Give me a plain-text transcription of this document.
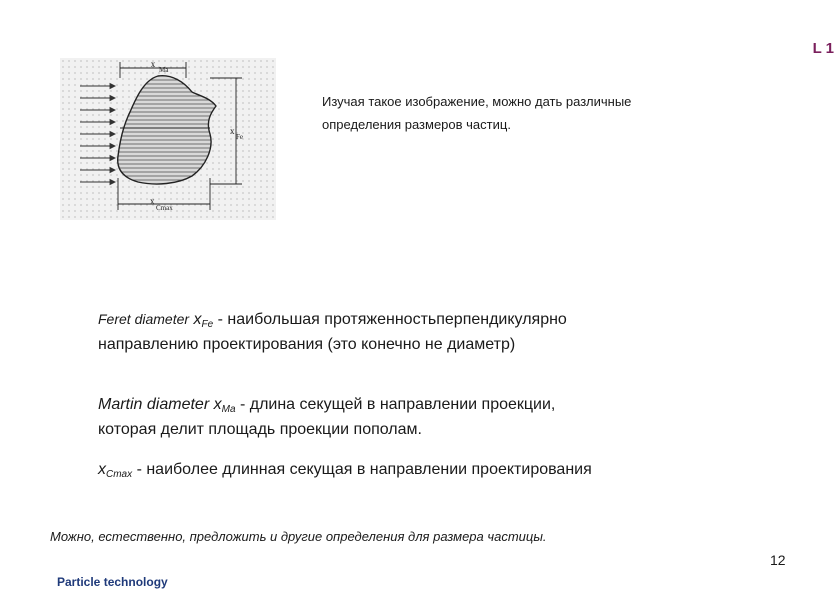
L 1
x
Ma
x
Fe
x
Cmax
Изучая такое изображение, можно дать различные определения размеров частиц.
Feret diameter xFe - наибольшая протяженностьперпендикулярно направлению проектирования (это конечно не диаметр)
Martin diameter xMa - длина секущей в направлении проекции, которая делит площадь проекции пополам.
xCmax - наиболее длинная секущая в направлении проектирования
Можно, естественно, предложить и другие определения для размера частицы.
12
Particle technology
